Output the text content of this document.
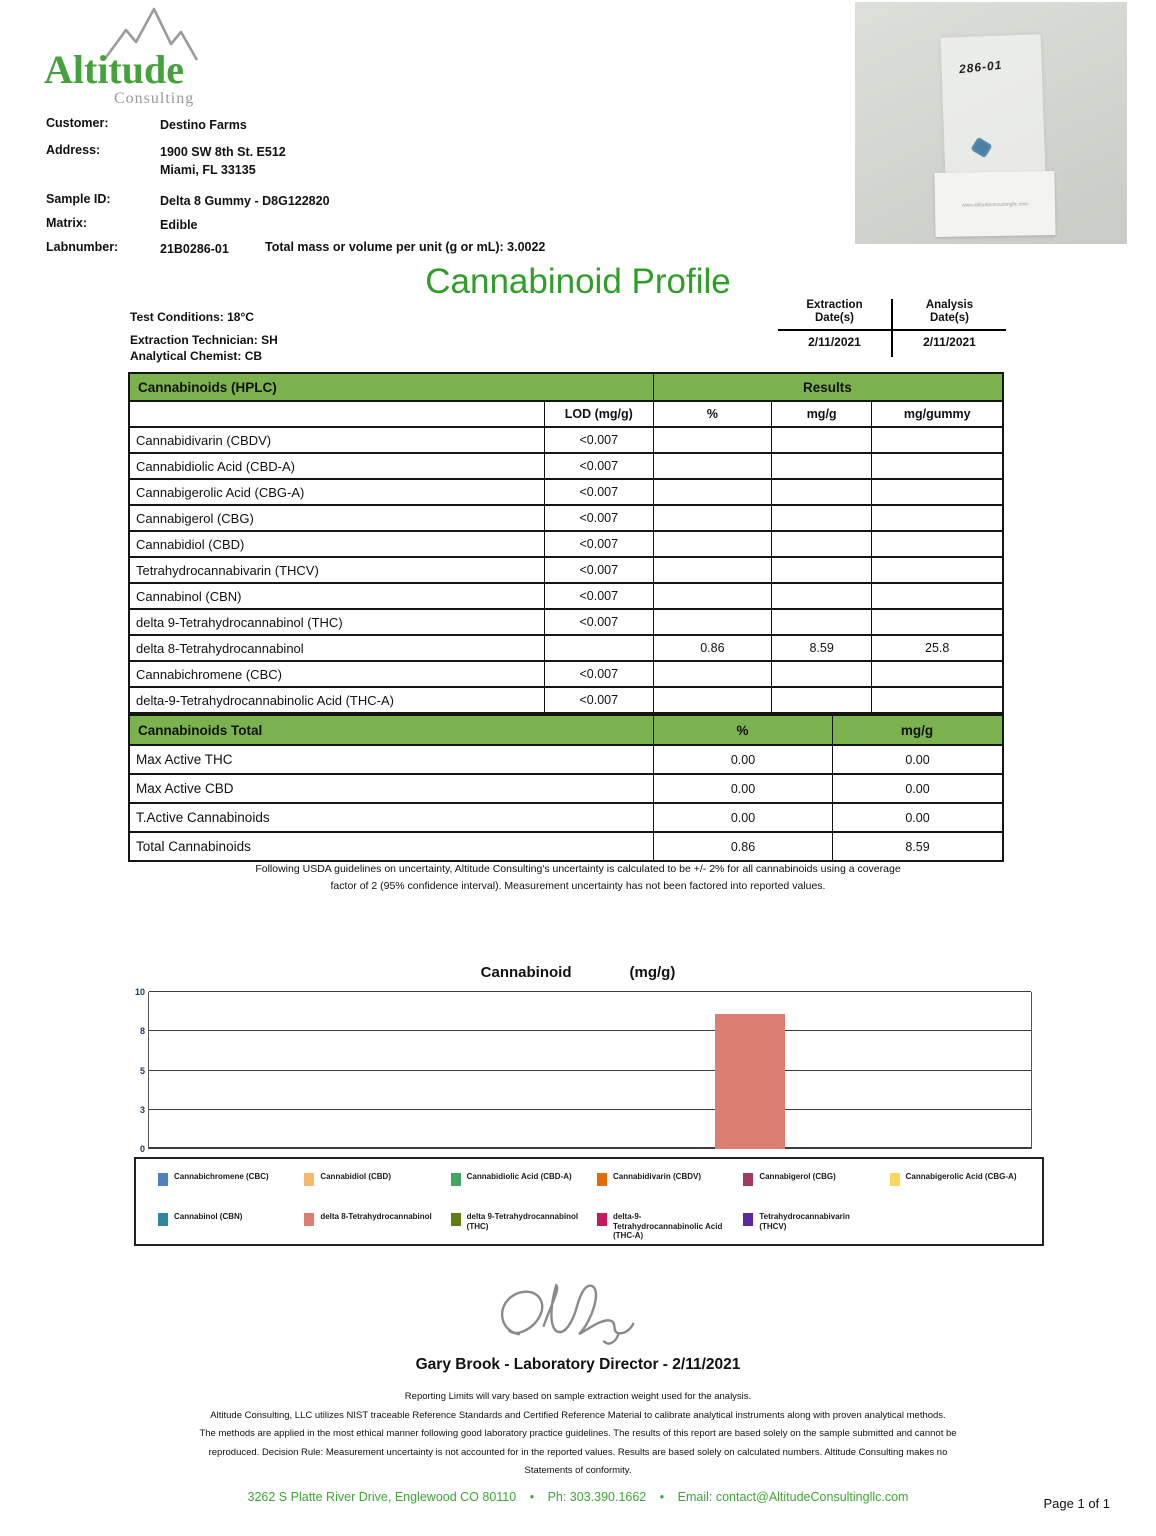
Altitude
Consulting
Customer:	Destino Farms
Address:	1900 SW 8th St. E512
Miami, FL 33135
Sample ID:	Delta 8 Gummy - D8G122820
Matrix:	Edible
Labnumber:	21B0286-01	Total mass or volume per unit (g or mL): 3.0022
286-01
www.altitudeconsultingllc.com
Cannabinoid Profile
Test Conditions: 18°C
Extraction Technician: SH
Analytical Chemist: CB
Extraction
Date(s)
Analysis
Date(s)
2/11/2021	2/11/2021
Cannabinoids (HPLC)		Results		
	LOD (mg/g)	%	mg/g	mg/gummy
Cannabidivarin (CBDV)	<0.007			
Cannabidiolic Acid (CBD-A)	<0.007			
Cannabigerolic Acid (CBG-A)	<0.007			
Cannabigerol (CBG)	<0.007			
Cannabidiol (CBD)	<0.007			
Tetrahydrocannabivarin (THCV)	<0.007			
Cannabinol (CBN)	<0.007			
delta 9-Tetrahydrocannabinol (THC)	<0.007			
delta 8-Tetrahydrocannabinol		0.86	8.59	25.8
Cannabichromene (CBC)	<0.007			
delta-9-Tetrahydrocannabinolic Acid (THC-A)	<0.007			
Cannabinoids Total	%	mg/g
Max Active THC	0.00	0.00
Max Active CBD	0.00	0.00
T.Active Cannabinoids	0.00	0.00
Total Cannabinoids	0.86	8.59
Following USDA guidelines on uncertainty, Altitude Consulting's uncertainty is calculated to be +/- 2% for all cannabinoids using a coverage
factor of 2 (95% confidence interval). Measurement uncertainty has not been factored into reported values.
Cannabinoid	(mg/g)
10
8
5
3
0
Cannabichromene (CBC)	Cannabidiol (CBD)	Cannabidiolic Acid (CBD-A)	Cannabidivarin (CBDV)	Cannabigerol (CBG)	Cannabigerolic Acid (CBG-A)
Cannabinol (CBN)	delta 8-Tetrahydrocannabinol	delta 9-Tetrahydrocannabinol (THC)
delta-9-Tetrahydrocannabinolic Acid (THC-A)
Tetrahydrocannabivarin (THCV)
Gary Brook - Laboratory Director - 2/11/2021
Reporting Limits will vary based on sample extraction weight used for the analysis.
Altitude Consulting, LLC utilizes NIST traceable Reference Standards and Certified Reference Material to calibrate analytical instruments along with proven analytical methods.
The methods are applied in the most ethical manner following good laboratory practice guidelines. The results of this report are based solely on the sample submitted and cannot be
reproduced. Decision Rule: Measurement uncertainty is not accounted for in the reported values. Results are based solely on calculated numbers. Altitude Consulting makes no
Statements of conformity.
3262 S Platte River Drive, Englewood CO 80110 • Ph: 303.390.1662 • Email: contact@AltitudeConsultingllc.com	Page 1 of 1
